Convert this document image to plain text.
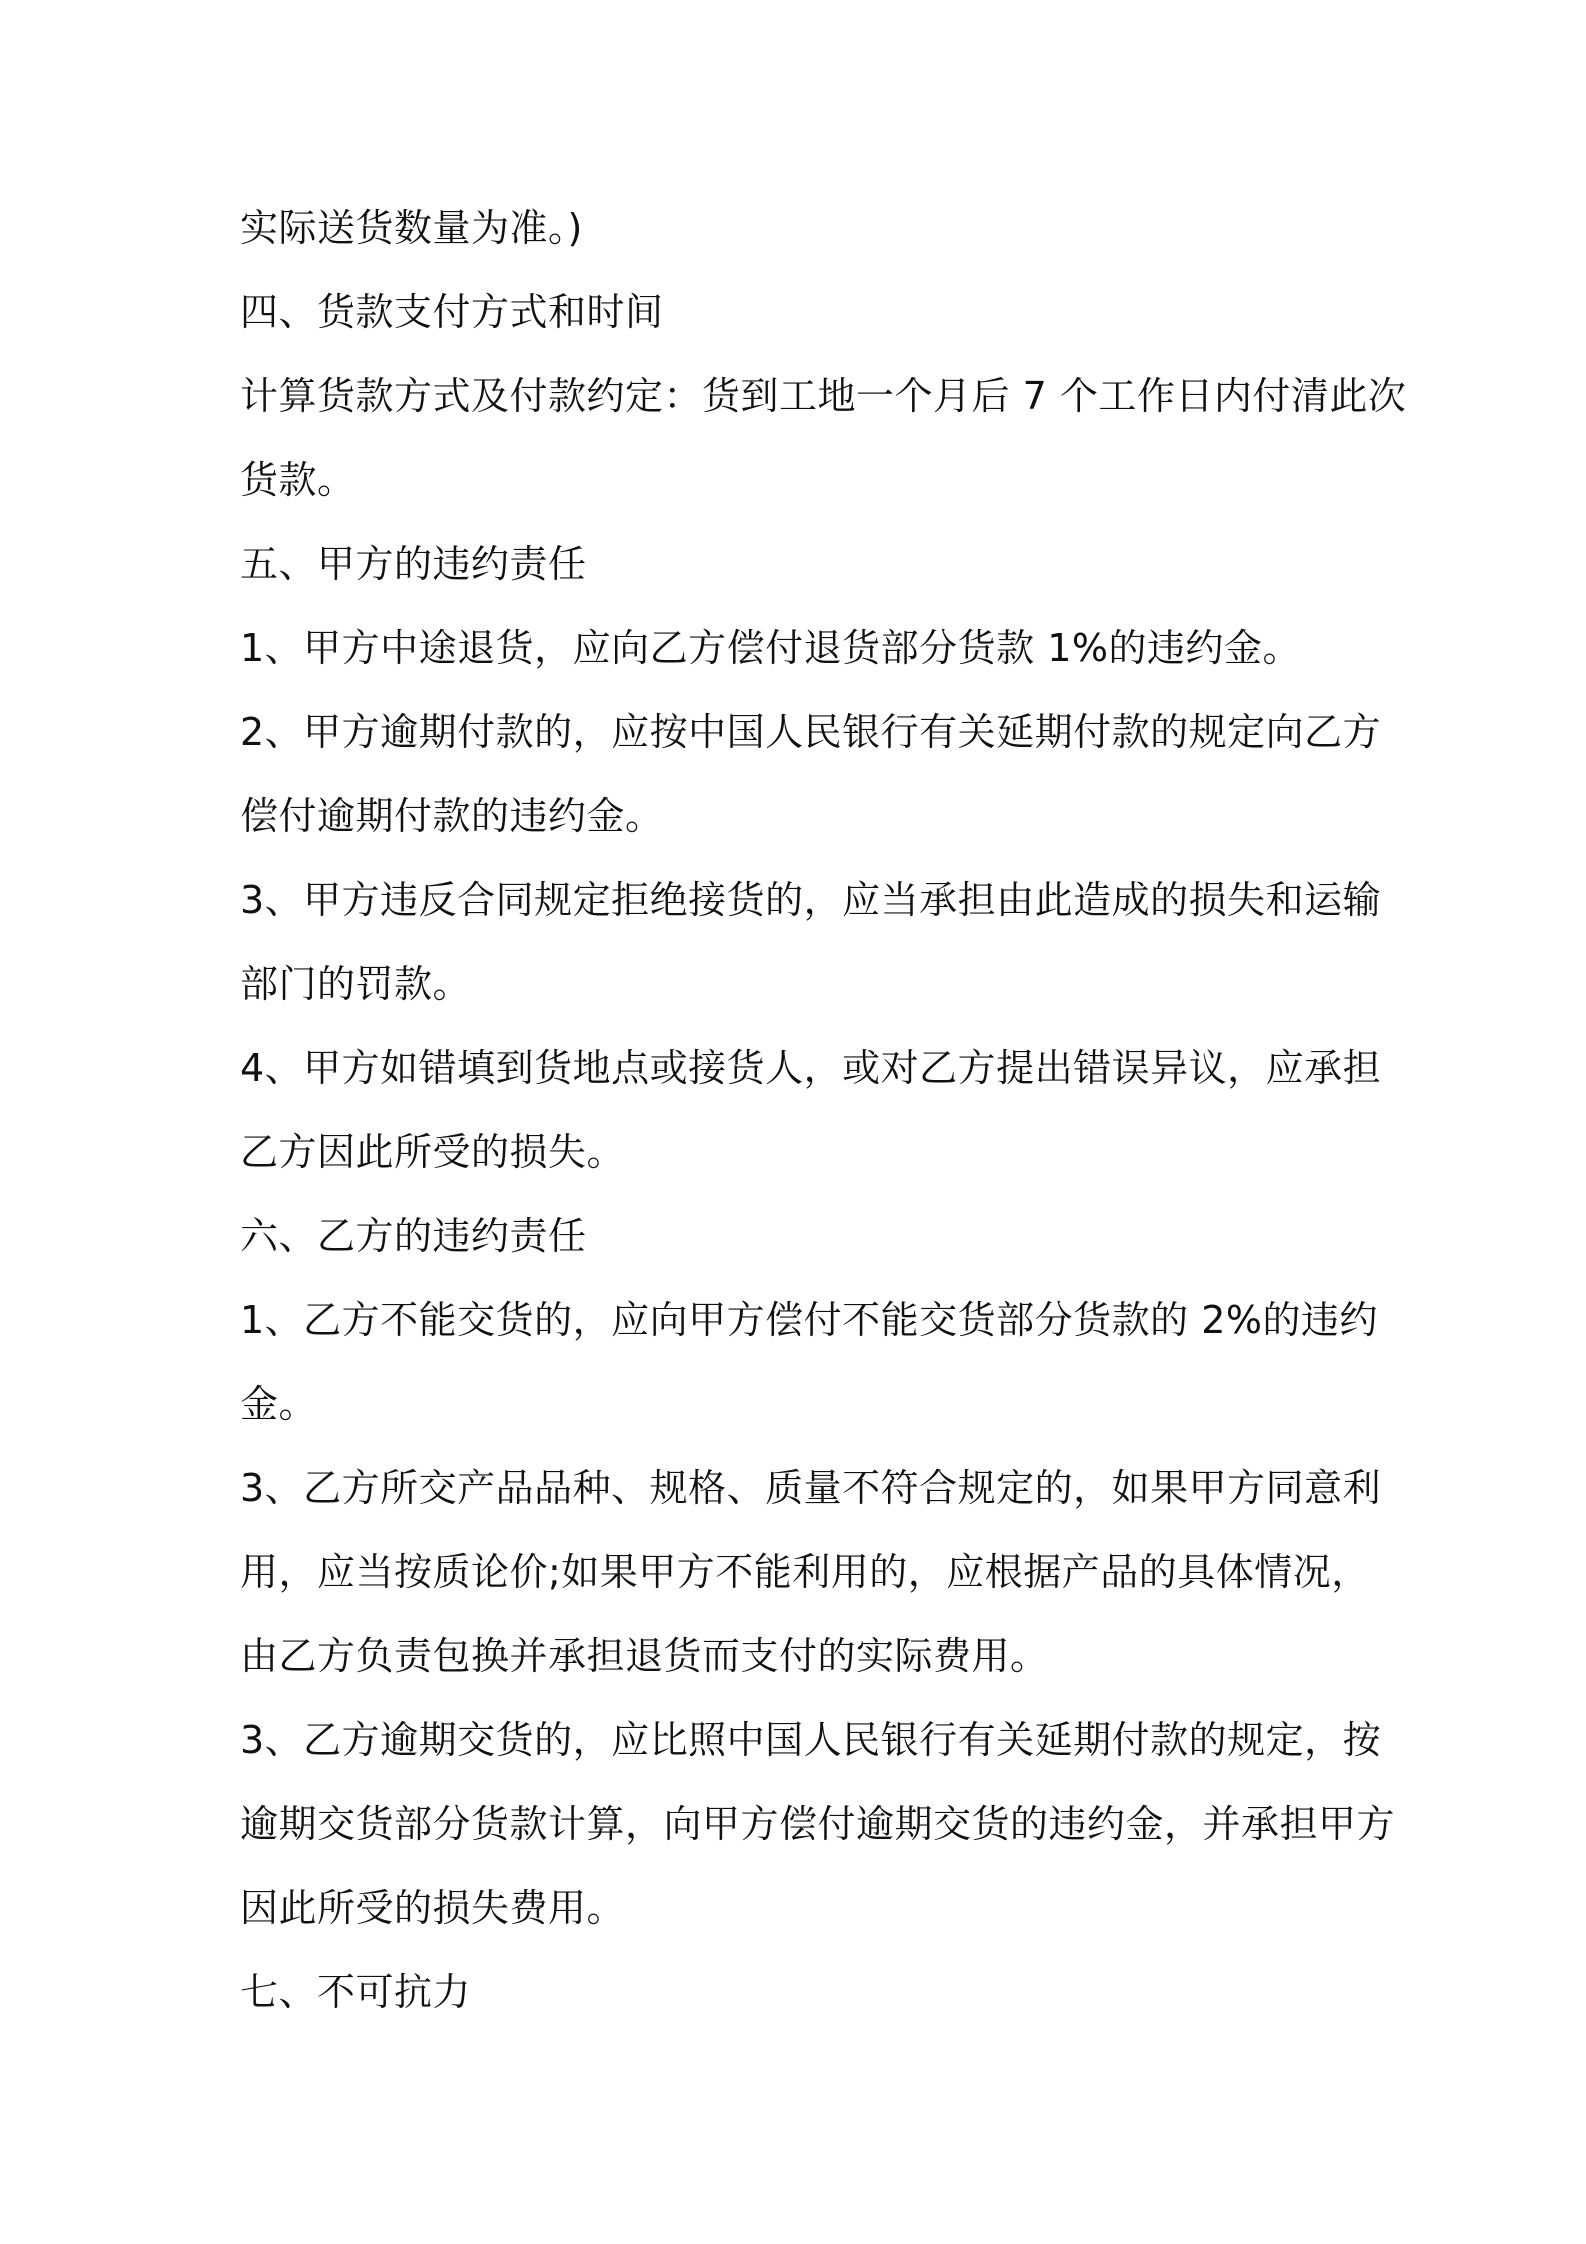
实际送货数量为准。)
四、货款支付方式和时间
计算货款方式及付款约定：货到工地一个月后 7 个工作日内付清此次
货款。
五、甲方的违约责任
1、甲方中途退货，应向乙方偿付退货部分货款 1%的违约金。
2、甲方逾期付款的，应按中国人民银行有关延期付款的规定向乙方
偿付逾期付款的违约金。
3、甲方违反合同规定拒绝接货的，应当承担由此造成的损失和运输
部门的罚款。
4、甲方如错填到货地点或接货人，或对乙方提出错误异议，应承担
乙方因此所受的损失。
六、乙方的违约责任
1、乙方不能交货的，应向甲方偿付不能交货部分货款的 2%的违约
金。
3、乙方所交产品品种、规格、质量不符合规定的，如果甲方同意利
用，应当按质论价;如果甲方不能利用的，应根据产品的具体情况，
由乙方负责包换并承担退货而支付的实际费用。
3、乙方逾期交货的，应比照中国人民银行有关延期付款的规定，按
逾期交货部分货款计算，向甲方偿付逾期交货的违约金，并承担甲方
因此所受的损失费用。
七、不可抗力
